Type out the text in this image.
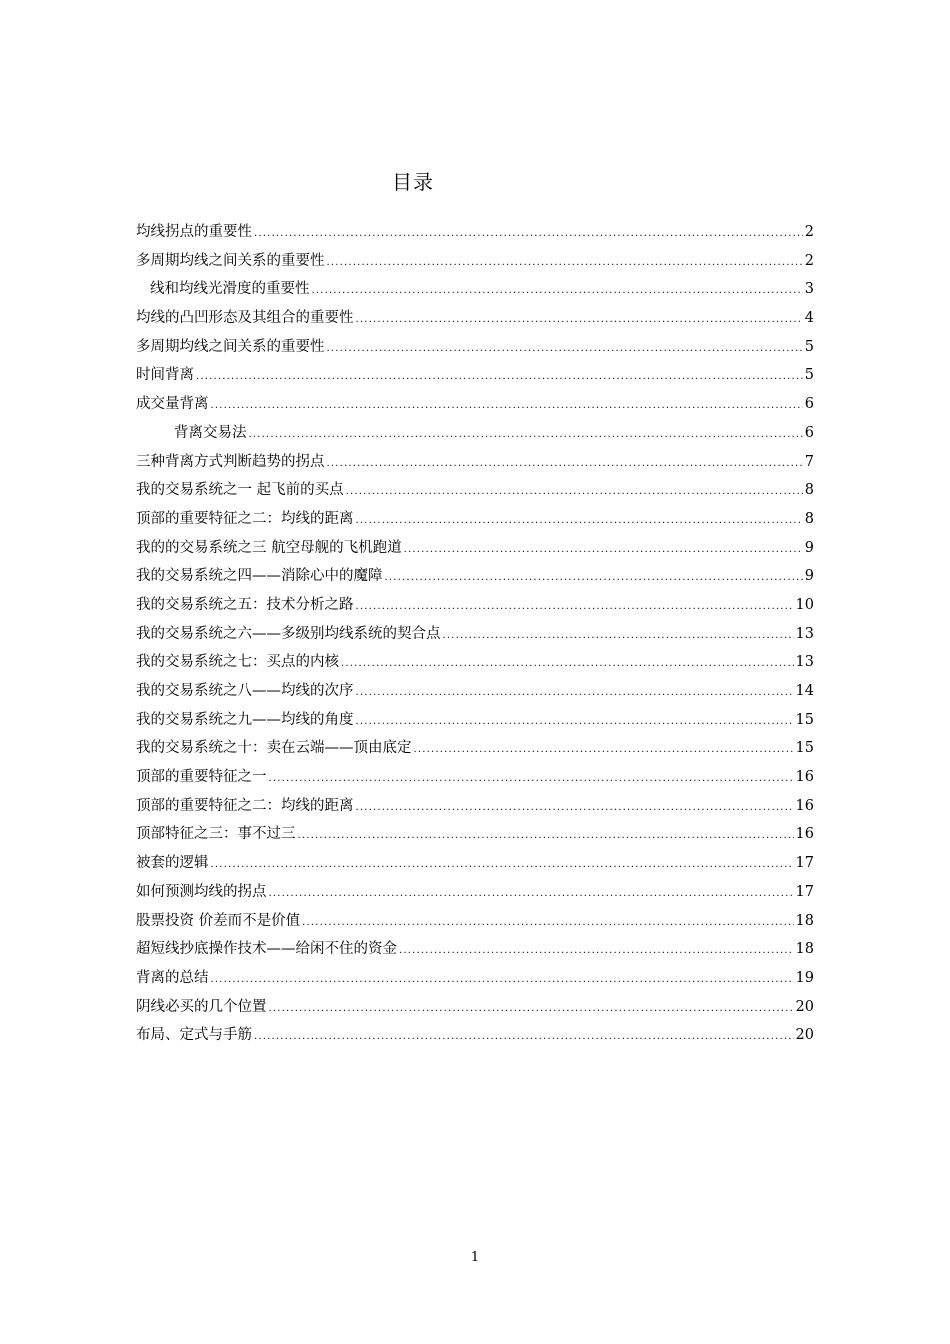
目录
均线拐点的重要性 .....	2
多周期均线之间关系的重要性 .....	2
线和均线光滑度的重要性 .....	3
均线的凸凹形态及其组合的重要性 .....	4
多周期均线之间关系的重要性 .....	5
时间背离 .....	5
成交量背离 .....	6
背离交易法 .....	6
三种背离方式判断趋势的拐点 .....	7
我的交易系统之一 起飞前的买点 .....	8
顶部的重要特征之二：均线的距离 .....	8
我的的交易系统之三 航空母舰的飞机跑道 .....	9
我的交易系统之四——消除心中的魔障 .....	9
我的交易系统之五：技术分析之路 .....	10
我的交易系统之六——多级别均线系统的契合点 .....	13
我的交易系统之七：买点的内核 .....	13
我的交易系统之八——均线的次序 .....	14
我的交易系统之九——均线的角度 .....	15
我的交易系统之十：卖在云端——顶由底定 .....	15
顶部的重要特征之一 .....	16
顶部的重要特征之二：均线的距离 .....	16
顶部特征之三：事不过三 .....	16
被套的逻辑 .....	17
如何预测均线的拐点 .....	17
股票投资 价差而不是价值 .....	18
超短线抄底操作技术——给闲不住的资金 .....	18
背离的总结 .....	19
阴线必买的几个位置 .....	20
布局、定式与手筋 .....	20
1
